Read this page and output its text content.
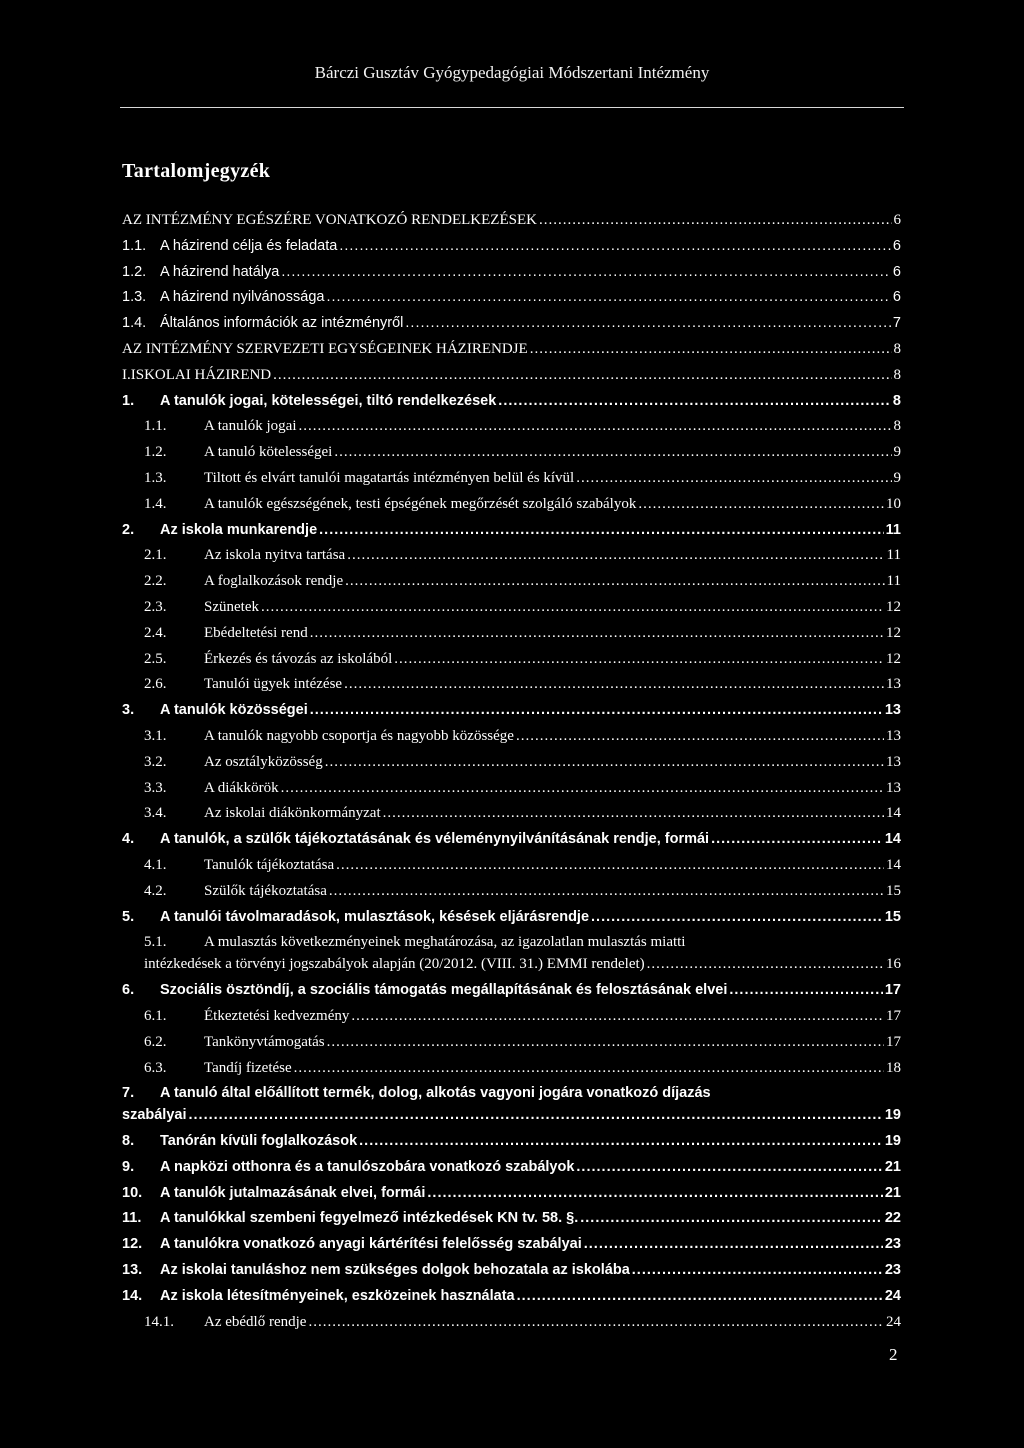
Bárczi Gusztáv Gyógypedagógiai Módszertani Intézmény
Tartalomjegyzék
AZ INTÉZMÉNY EGÉSZÉRE VONATKOZÓ RENDELKEZÉSEK .....	6
1.1. A házirend célja és feladata .....	6
1.2. A házirend hatálya .....	6
1.3. A házirend nyilvánossága .....	6
1.4. Általános információk az intézményről .....	7
AZ INTÉZMÉNY SZERVEZETI EGYSÉGEINEK HÁZIRENDJE .....	8
I.ISKOLAI HÁZIREND .....	8
1.	A tanulók jogai, kötelességei, tiltó rendelkezések .....	8
1.1.	A tanulók jogai .....	8
1.2.	A tanuló kötelességei .....	9
1.3.	Tiltott és elvárt tanulói magatartás intézményen belül és kívül .....	9
1.4.	A tanulók egészségének, testi épségének megőrzését szolgáló szabályok .....	10
2.	Az iskola munkarendje .....	11
2.1.	Az iskola nyitva tartása .....	11
2.2.	A foglalkozások rendje .....	11
2.3.	Szünetek .....	12
2.4.	Ebédeltetési rend .....	12
2.5.	Érkezés és távozás az iskolából .....	12
2.6.	Tanulói ügyek intézése .....	13
3.	A tanulók közösségei .....	13
3.1.	A tanulók nagyobb csoportja és nagyobb közössége .....	13
3.2.	Az osztályközösség .....	13
3.3.	A diákkörök .....	13
3.4.	Az iskolai diákönkormányzat .....	14
4.	A tanulók, a szülők tájékoztatásának és véleménynyilvánításának rendje, formái .....	14
4.1.	Tanulók tájékoztatása .....	14
4.2.	Szülők tájékoztatása .....	15
5.	A tanulói távolmaradások, mulasztások, késések eljárásrendje .....	15
5.1.	A mulasztás következményeinek meghatározása, az igazolatlan mulasztás miatti
intézkedések a törvényi jogszabályok alapján (20/2012. (VIII. 31.) EMMI rendelet) .....	16
6.	Szociális ösztöndíj, a szociális támogatás megállapításának és felosztásának elvei .....	17
6.1.	Étkeztetési kedvezmény .....	17
6.2.	Tankönyvtámogatás .....	17
6.3.	Tandíj fizetése .....	18
7.	A tanuló által előállított termék, dolog, alkotás vagyoni jogára vonatkozó díjazás
szabályai .....	19
8.	Tanórán kívüli foglalkozások .....	19
9.	A napközi otthonra és a tanulószobára vonatkozó szabályok .....	21
10.	A tanulók jutalmazásának elvei, formái .....	21
11.	A tanulókkal szembeni fegyelmező intézkedések KN tv. 58. §. .....	22
12.	A tanulókra vonatkozó anyagi kártérítési felelősség szabályai .....	23
13.	Az iskolai tanuláshoz nem szükséges dolgok behozatala az iskolába .....	23
14.	Az iskola létesítményeinek, eszközeinek használata .....	24
14.1.	Az ebédlő rendje .....	24
2
